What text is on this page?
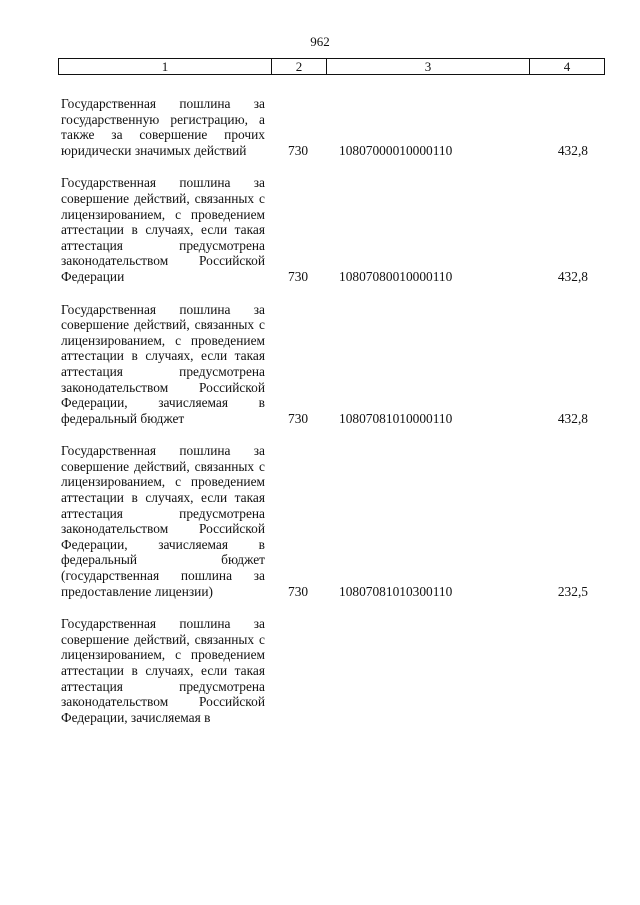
962
1	2	3	4
Государственная пошлина за государственную регистрацию, а также за совершение прочих юридически значимых действий	730 10807000010000110	432,8
Государственная пошлина за совершение действий, связанных с лицензированием, с проведением аттестации в случаях, если такая аттестация предусмотрена законодательством Российской Федерации	730 10807080010000110	432,8
Государственная пошлина за совершение действий, связанных с лицензированием, с проведением аттестации в случаях, если такая аттестация предусмотрена законодательством Российской Федерации, зачисляемая в федеральный бюджет	730 10807081010000110	432,8
Государственная пошлина за совершение действий, связанных с лицензированием, с проведением аттестации в случаях, если такая аттестация предусмотрена законодательством Российской Федерации, зачисляемая в федеральный бюджет (государственная пошлина за предоставление лицензии)	730 10807081010300110	232,5
Государственная пошлина за совершение действий, связанных с лицензированием, с проведением аттестации в случаях, если такая аттестация предусмотрена законодательством Российской Федерации, зачисляемая в
